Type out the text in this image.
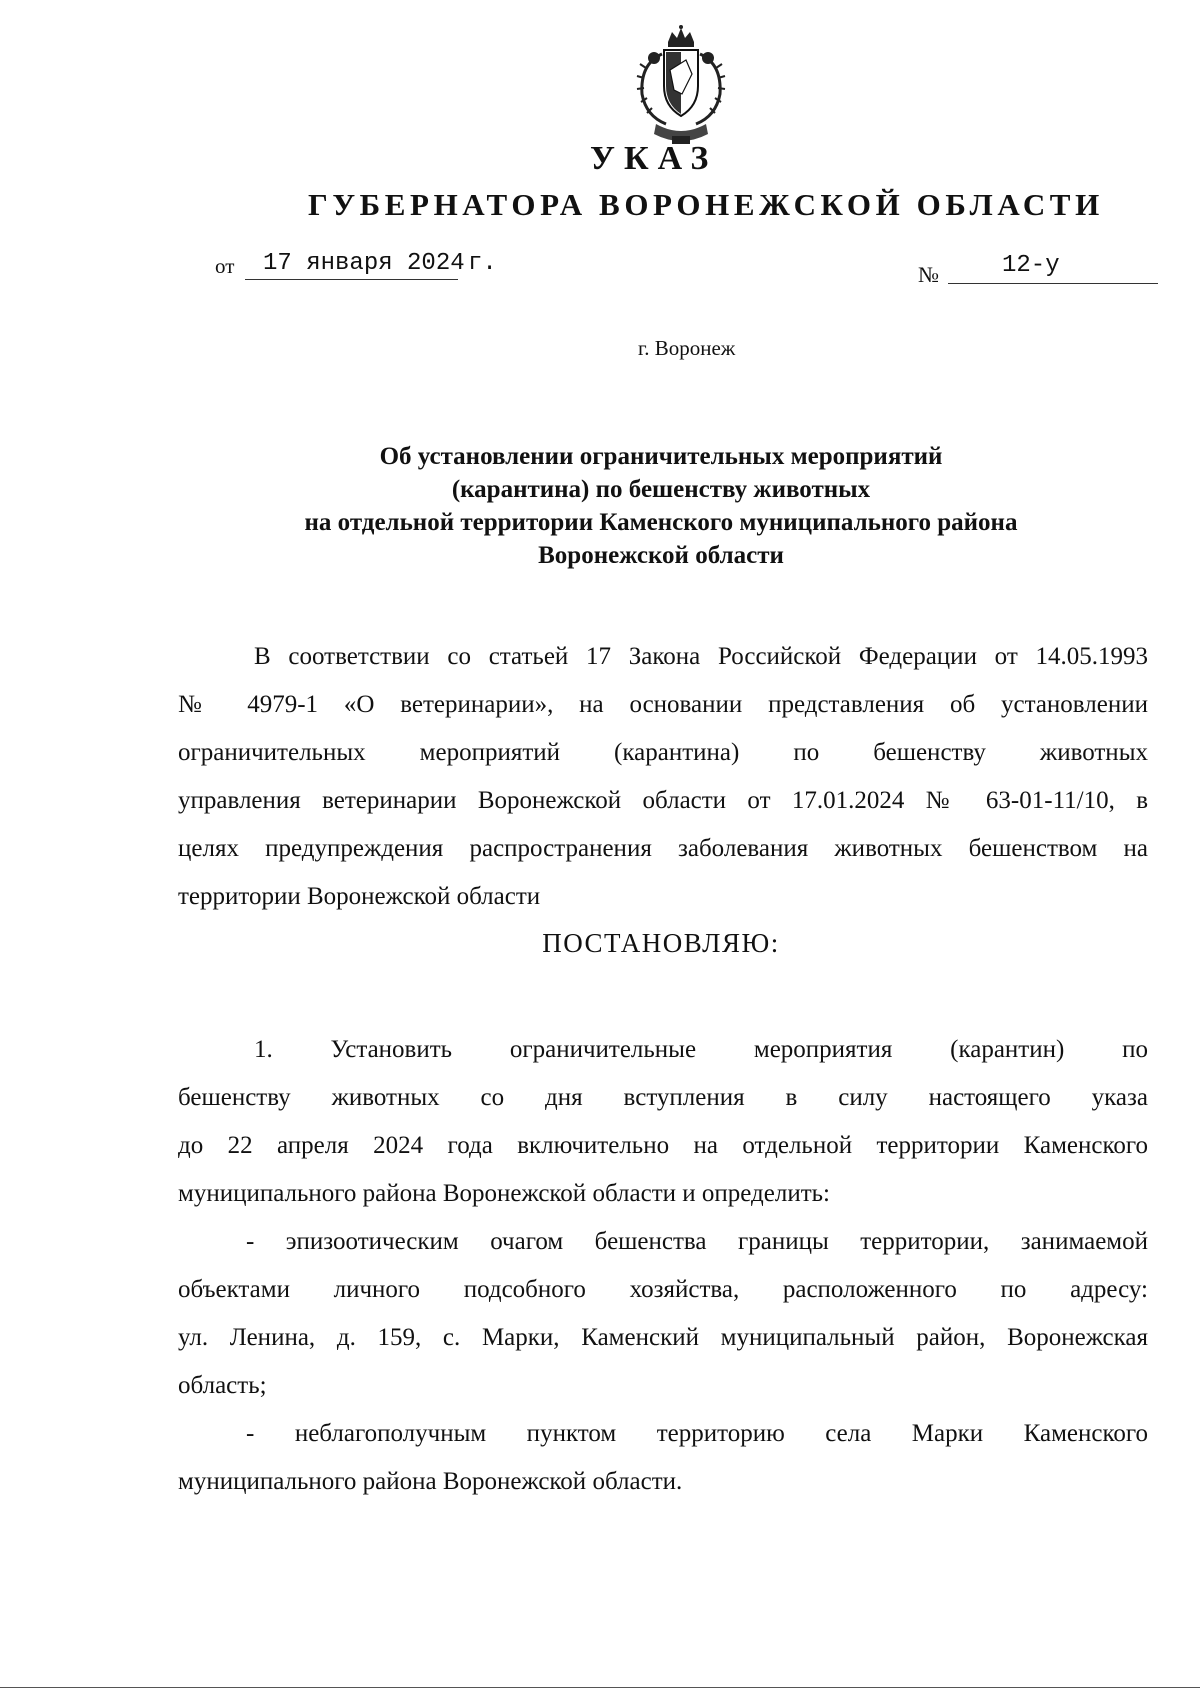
УКАЗ
ГУБЕРНАТОРА ВОРОНЕЖСКОЙ ОБЛАСТИ
от	17 января 2024 г.	№	12-у
г. Воронеж
Об установлении ограничительных мероприятий
(карантина) по бешенству животных
на отдельной территории Каменского муниципального района
Воронежской области
В соответствии со статьей 17 Закона Российской Федерации от 14.05.1993
№ 4979-1 «О ветеринарии», на основании представления об установлении
ограничительных мероприятий (карантина) по бешенству животных
управления ветеринарии Воронежской области от 17.01.2024 № 63-01-11/10, в
целях предупреждения распространения заболевания животных бешенством на
территории Воронежской области
ПОСТАНОВЛЯЮ:
1. Установить ограничительные мероприятия (карантин) по
бешенству животных со дня вступления в силу настоящего указа
до 22 апреля 2024 года включительно на отдельной территории Каменского
муниципального района Воронежской области и определить:
- эпизоотическим очагом бешенства границы территории, занимаемой
объектами личного подсобного хозяйства, расположенного по адресу:
ул. Ленина, д. 159, с. Марки, Каменский муниципальный район, Воронежская
область;
- неблагополучным пунктом территорию села Марки Каменского
муниципального района Воронежской области.
